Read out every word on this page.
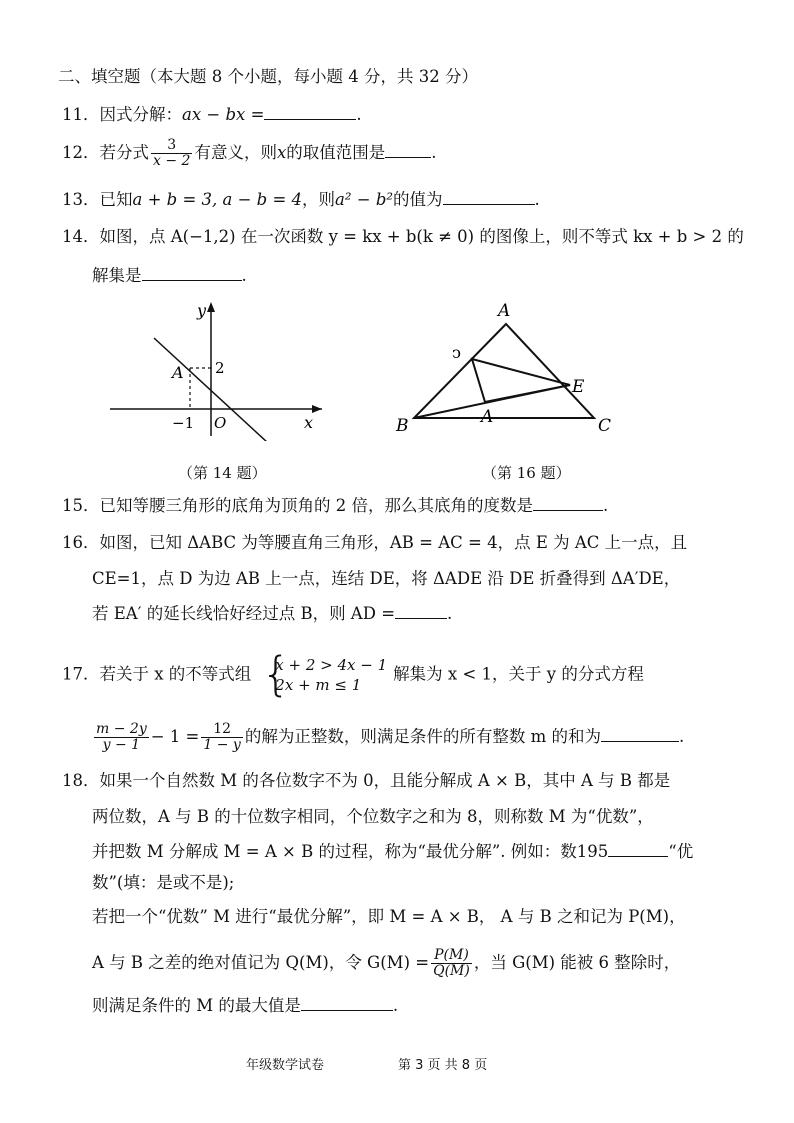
二、填空题（本大题 8 个小题，每小题 4 分，共 32 分）
11．因式分解：ax − bx =	.
12．若分式 $\frac{3}{x - 2}$ 有意义，则x的取值范围是	.
13．已知a + b = 3, a − b = 4，则a² − b²的值为	.
14．如图，点 A(−1,2) 在一次函数 y = kx + b(k ≠ 0) 的图像上，则不等式 kx + b > 2 的
解集是	.
y
x
A 2
−1 O
（第 14 题）
A
B	C
E
A
ↄ
（第 16 题）
15．已知等腰三角形的底角为顶角的 2 倍，那么其底角的度数是	.
16．如图，已知 ΔABC 为等腰直角三角形，AB = AC = 4，点 E 为 AC 上一点，且
CE=1，点 D 为边 AB 上一点，连结 DE，将 ΔADE 沿 DE 折叠得到 ΔA′DE，
若 EA′ 的延长线恰好经过点 B，则 AD =	.
17．若关于 x 的不等式组 {
x + 2 > 4x − 1
2x + m ≤ 1
解集为 x < 1，关于 y 的分式方程
$\frac{m - 2y}{y - 1} - 1 = \frac{12}{1 - y}$ 的解为正整数，则满足条件的所有整数 m 的和为	.
18．如果一个自然数 M 的各位数字不为 0，且能分解成 A × B，其中 A 与 B 都是
两位数，A 与 B 的十位数字相同，个位数字之和为 8，则称数 M 为“优数”，
并把数 M 分解成 M = A × B 的过程，称为“最优分解”. 例如：数195	“优
数”(填：是或不是);
若把一个“优数” M 进行“最优分解”，即 M = A × B， A 与 B 之和记为 P(M)，
A 与 B 之差的绝对值记为 Q(M)，令 $G(M) = \frac{P(M)}{Q(M)}$ ，当 G(M) 能被 6 整除时，
则满足条件的 M 的最大值是	.
年级数学试卷	第 3 页 共 8 页
